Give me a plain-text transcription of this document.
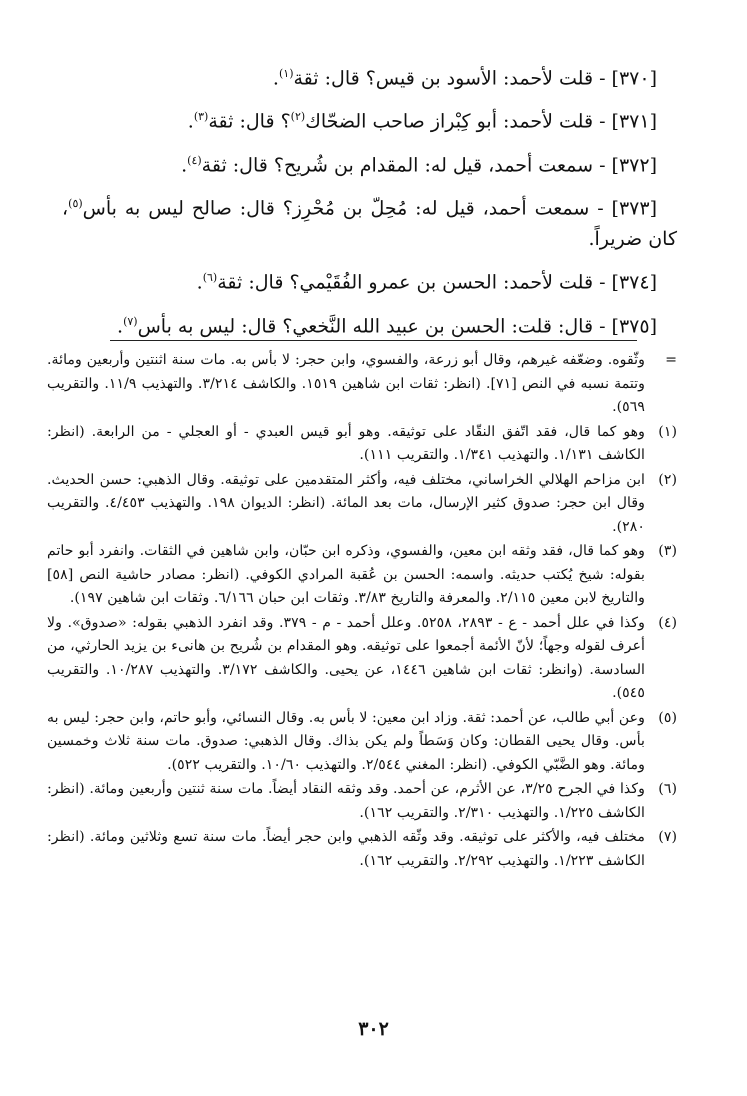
[٣٧٠] - قلت لأحمد: الأسود بن قيس؟ قال: ثقة$^{(١)}$.

[٣٧١] - قلت لأحمد: أبو كِبْراز صاحب الضحّاك$^{(٢)}$؟ قال: ثقة$^{(٣)}$.

[٣٧٢] - سمعت أحمد، قيل له: المقدام بن شُريح؟ قال: ثقة$^{(٤)}$.

[٣٧٣] - سمعت أحمد، قيل له: مُحِلّ بن مُحْرِز؟ قال: صالح ليس به بأس$^{(٥)}$، كان ضريراً.

[٣٧٤] - قلت لأحمد: الحسن بن عمرو الفُقَيْمي؟ قال: ثقة$^{(٦)}$.

[٣٧٥] - قال: قلت: الحسن بن عبيد الله النَّخعي؟ قال: ليس به بأس$^{(٧)}$.

=
وثّقوه. وضعّفه غيرهم، وقال أبو زرعة، والفسوي، وابن حجر: لا بأس به. مات سنة اثنتين وأربعين ومائة. وتتمة نسبه في النص [٧١]. (انظر: ثقات ابن شاهين ١٥١٩. والكاشف ٣/٢١٤. والتهذيب ١١/٩. والتقريب ٥٦٩).
(١)
وهو كما قال، فقد اتّفق النقّاد على توثيقه. وهو أبو قيس العبدي - أو العجلي - من الرابعة. (انظر: الكاشف ١/١٣١. والتهذيب ١/٣٤١. والتقريب ١١١).
(٢)
ابن مزاحم الهلالي الخراساني، مختلف فيه، وأكثر المتقدمين على توثيقه. وقال الذهبي: حسن الحديث. وقال ابن حجر: صدوق كثير الإرسال، مات بعد المائة. (انظر: الديوان ١٩٨. والتهذيب ٤/٤٥٣. والتقريب ٢٨٠).
(٣)
وهو كما قال، فقد وثقه ابن معين، والفسوي، وذكره ابن حبّان، وابن شاهين في الثقات. وانفرد أبو حاتم بقوله: شيخ يُكتب حديثه. واسمه: الحسن بن عُقبة المرادي الكوفي. (انظر: مصادر حاشية النص [٥٨] والتاريخ لابن معين ٢/١١٥. والمعرفة والتاريخ ٣/٨٣. وثقات ابن حبان ٦/١٦٦. وثقات ابن شاهين ١٩٧).
(٤)
وكذا في علل أحمد - ع - ٢٨٩٣، ٥٢٥٨. وعلل أحمد - م - ٣٧٩. وقد انفرد الذهبي بقوله: «صدوق». ولا أعرف لقوله وجهاً؛ لأنّ الأئمة أجمعوا على توثيقه. وهو المقدام بن شُريح بن هانىء بن يزيد الحارثي، من السادسة. (وانظر: ثقات ابن شاهين ١٤٤٦، عن يحيى. والكاشف ٣/١٧٢. والتهذيب ١٠/٢٨٧. والتقريب ٥٤٥).
(٥)
وعن أبي طالب، عن أحمد: ثقة. وزاد ابن معين: لا بأس به. وقال النسائي، وأبو حاتم، وابن حجر: ليس به بأس. وقال يحيى القطان: وكان وَسَطاً ولم يكن بذاك. وقال الذهبي: صدوق. مات سنة ثلاث وخمسين ومائة. وهو الضَّبّي الكوفي. (انظر: المغني ٢/٥٤٤. والتهذيب ١٠/٦٠. والتقريب ٥٢٢).
(٦)
وكذا في الجرح ٣/٢٥، عن الأثرم، عن أحمد. وقد وثقه النقاد أيضاً. مات سنة ثنتين وأربعين ومائة. (انظر: الكاشف ١/٢٢٥. والتهذيب ٢/٣١٠. والتقريب ١٦٢).
(٧)
مختلف فيه، والأكثر على توثيقه. وقد وثّقه الذهبي وابن حجر أيضاً. مات سنة تسع وثلاثين ومائة. (انظر: الكاشف ١/٢٢٣. والتهذيب ٢/٢٩٢. والتقريب ١٦٢).
٣٠٢
